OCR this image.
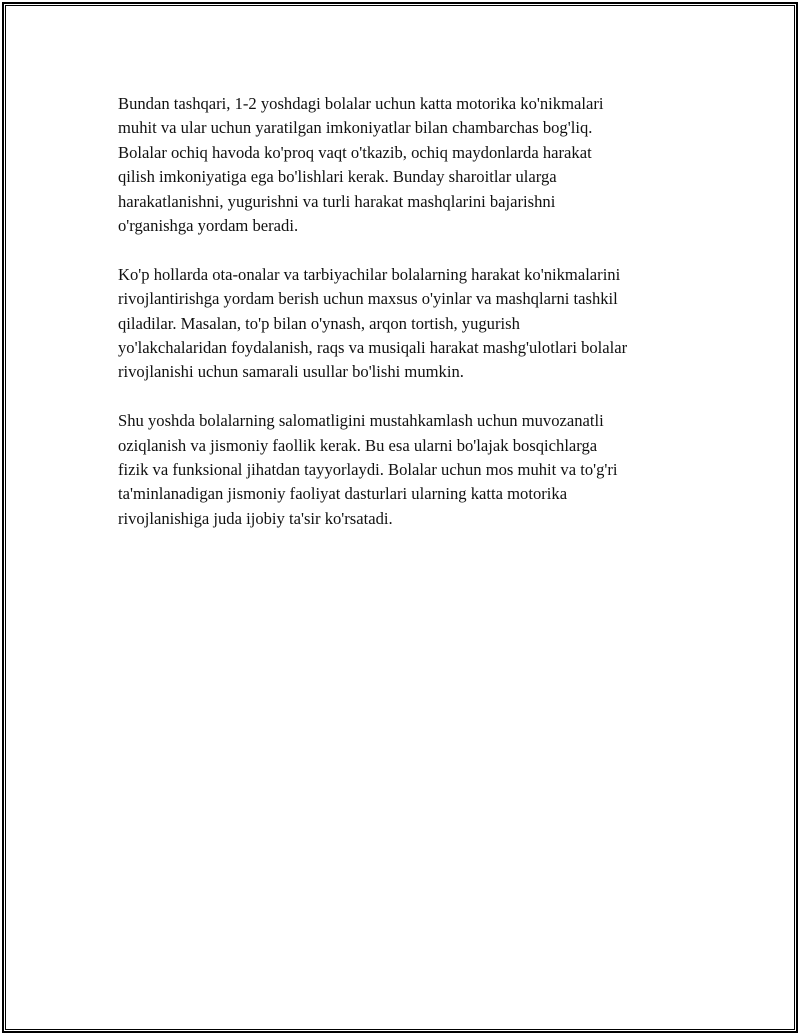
Bundan tashqari, 1-2 yoshdagi bolalar uchun katta motorika ko'nikmalari
muhit va ular uchun yaratilgan imkoniyatlar bilan chambarchas bog'liq.
Bolalar ochiq havoda ko'proq vaqt o'tkazib, ochiq maydonlarda harakat
qilish imkoniyatiga ega bo'lishlari kerak. Bunday sharoitlar ularga
harakatlanishni, yugurishni va turli harakat mashqlarini bajarishni
o'rganishga yordam beradi.

Ko'p hollarda ota-onalar va tarbiyachilar bolalarning harakat ko'nikmalarini
rivojlantirishga yordam berish uchun maxsus o'yinlar va mashqlarni tashkil
qiladilar. Masalan, to'p bilan o'ynash, arqon tortish, yugurish
yo'lakchalaridan foydalanish, raqs va musiqali harakat mashg'ulotlari bolalar
rivojlanishi uchun samarali usullar bo'lishi mumkin.

Shu yoshda bolalarning salomatligini mustahkamlash uchun muvozanatli
oziqlanish va jismoniy faollik kerak. Bu esa ularni bo'lajak bosqichlarga
fizik va funksional jihatdan tayyorlaydi. Bolalar uchun mos muhit va to'g'ri
ta'minlanadigan jismoniy faoliyat dasturlari ularning katta motorika
rivojlanishiga juda ijobiy ta'sir ko'rsatadi.
